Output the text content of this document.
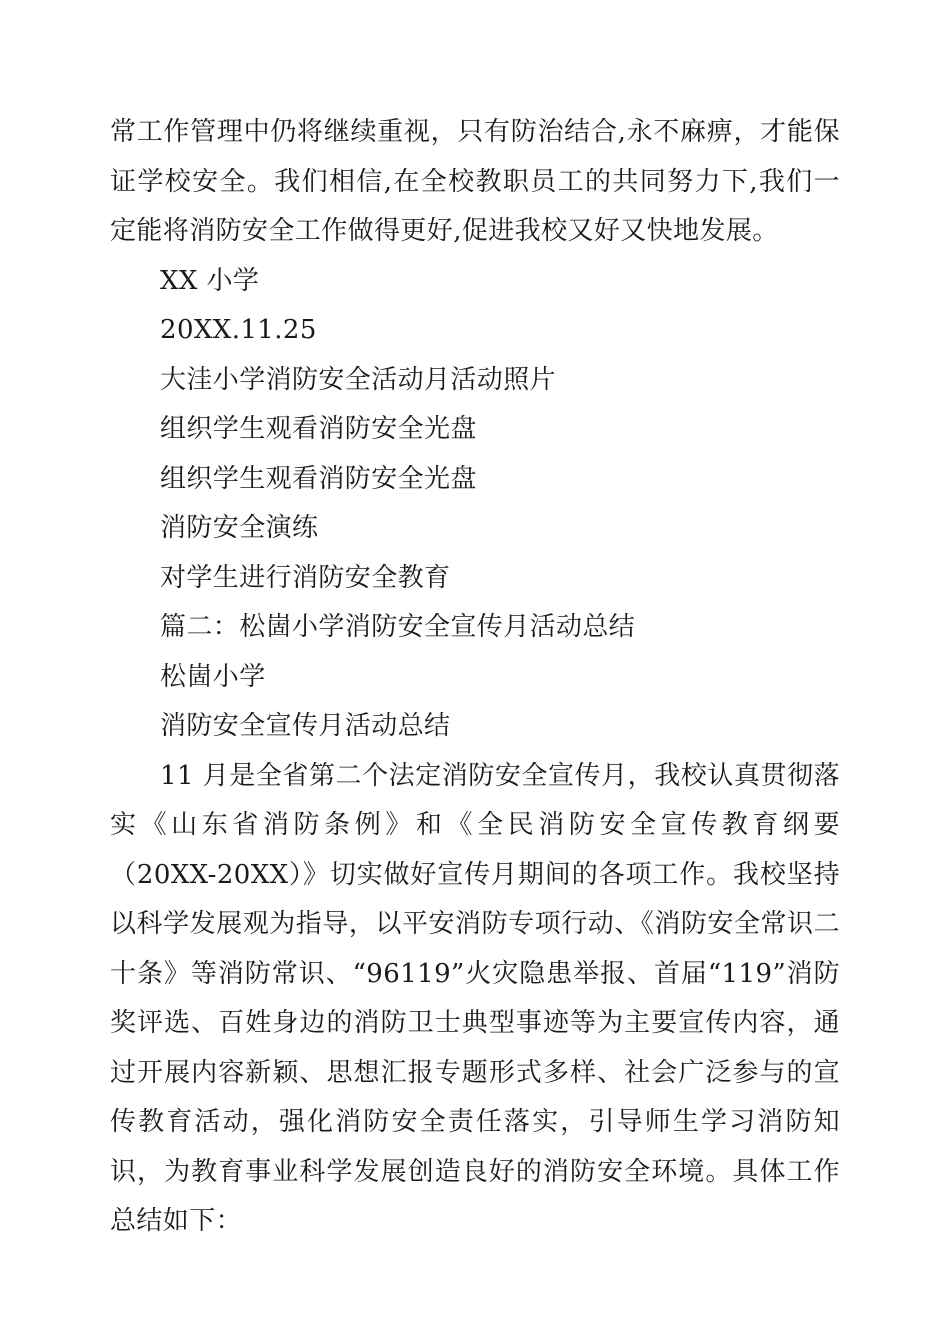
常工作管理中仍将继续重视，只有防治结合,永不麻痹，才能保证学校安全。我们相信,在全校教职员工的共同努力下,我们一定能将消防安全工作做得更好,促进我校又好又快地发展。

XX 小学

20XX.11.25

大洼小学消防安全活动月活动照片

组织学生观看消防安全光盘

组织学生观看消防安全光盘

消防安全演练

对学生进行消防安全教育

篇二：松崮小学消防安全宣传月活动总结

松崮小学

消防安全宣传月活动总结

11 月是全省第二个法定消防安全宣传月，我校认真贯彻落实《山东省消防条例》和《全民消防安全宣传教育纲要（20XX-20XX）》切实做好宣传月期间的各项工作。我校坚持以科学发展观为指导，以平安消防专项行动、《消防安全常识二十条》等消防常识、“96119”火灾隐患举报、首届“119”消防奖评选、百姓身边的消防卫士典型事迹等为主要宣传内容，通过开展内容新颖、思想汇报专题形式多样、社会广泛参与的宣传教育活动，强化消防安全责任落实，引导师生学习消防知识，为教育事业科学发展创造良好的消防安全环境。具体工作总结如下：
